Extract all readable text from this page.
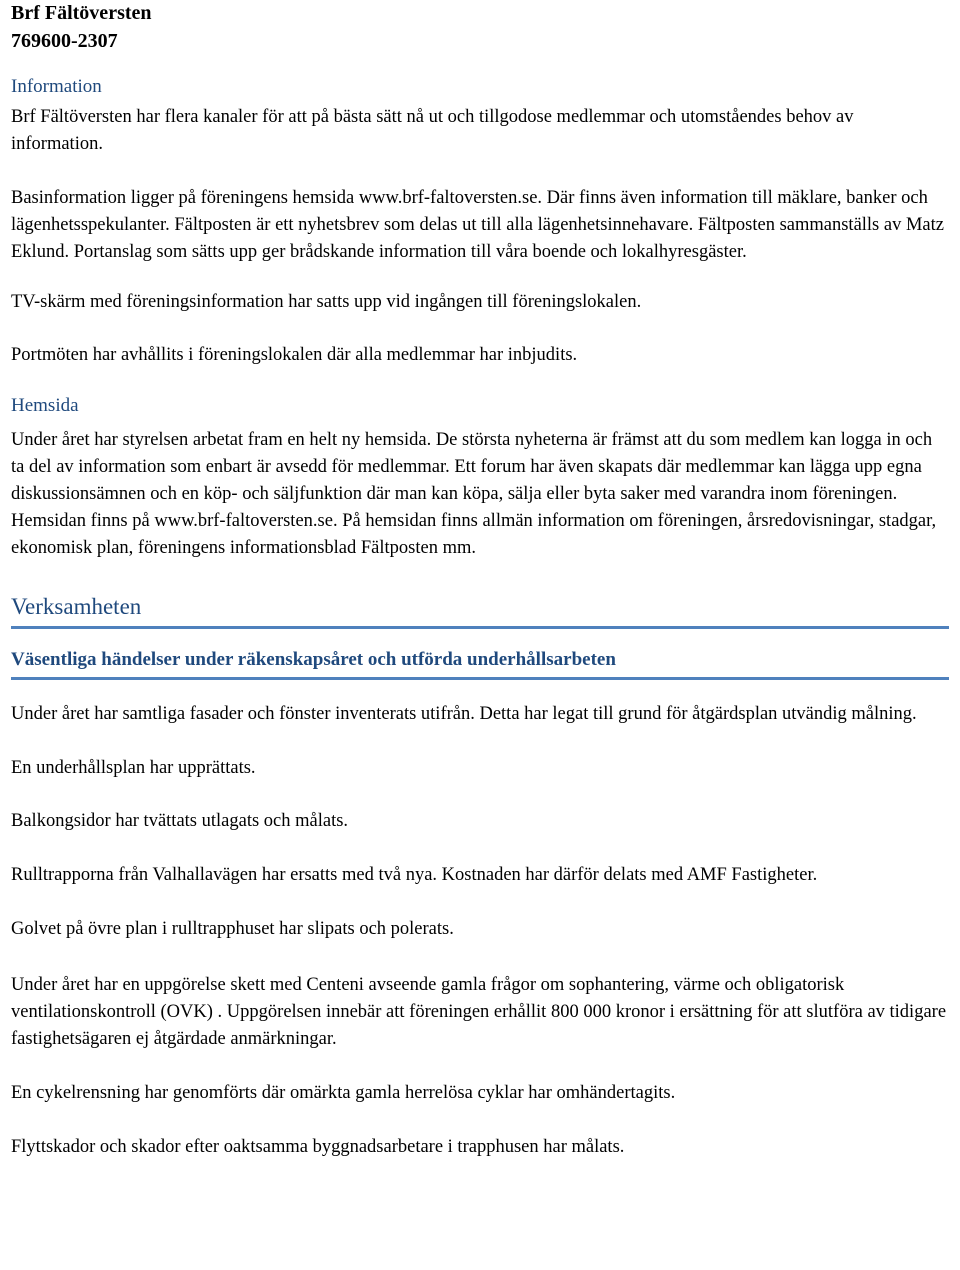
Brf Fältöversten
769600-2307
Information

Brf Fältöversten har flera kanaler för att på bästa sätt nå ut och tillgodose medlemmar och utomståendes behov av information.

Basinformation ligger på föreningens hemsida www.brf-faltoversten.se. Där finns även information till mäklare, banker och lägenhetsspekulanter. Fältposten är ett nyhetsbrev som delas ut till alla lägenhetsinnehavare. Fältposten sammanställs av Matz Eklund. Portanslag som sätts upp ger brådskande information till våra boende och lokalhyresgäster.

TV-skärm med föreningsinformation har satts upp vid ingången till föreningslokalen.

Portmöten har avhållits i föreningslokalen där alla medlemmar har inbjudits.

Hemsida

Under året har styrelsen arbetat fram en helt ny hemsida. De största nyheterna är främst att du som medlem kan logga in och ta del av information som enbart är avsedd för medlemmar. Ett forum har även skapats där medlemmar kan lägga upp egna diskussionsämnen och en köp- och säljfunktion där man kan köpa, sälja eller byta saker med varandra inom föreningen. Hemsidan finns på www.brf-faltoversten.se. På hemsidan finns allmän information om föreningen, årsredovisningar, stadgar, ekonomisk plan, föreningens informationsblad Fältposten mm.

Verksamheten
Väsentliga händelser under räkenskapsåret och utförda underhållsarbeten

Under året har samtliga fasader och fönster inventerats utifrån. Detta har legat till grund för åtgärdsplan utvändig målning.

En underhållsplan har upprättats.

Balkongsidor har tvättats utlagats och målats.

Rulltrapporna från Valhallavägen har ersatts med två nya. Kostnaden har därför delats med AMF Fastigheter.

Golvet på övre plan i rulltrapphuset har slipats och polerats.

Under året har en uppgörelse skett med Centeni avseende gamla frågor om sophantering, värme och obligatorisk ventilationskontroll (OVK) . Uppgörelsen innebär att föreningen erhållit 800 000 kronor i ersättning för att slutföra av tidigare fastighetsägaren ej åtgärdade anmärkningar.

En cykelrensning har genomförts där omärkta gamla herrelösa cyklar har omhändertagits.

Flyttskador och skador efter oaktsamma byggnadsarbetare i trapphusen har målats.
